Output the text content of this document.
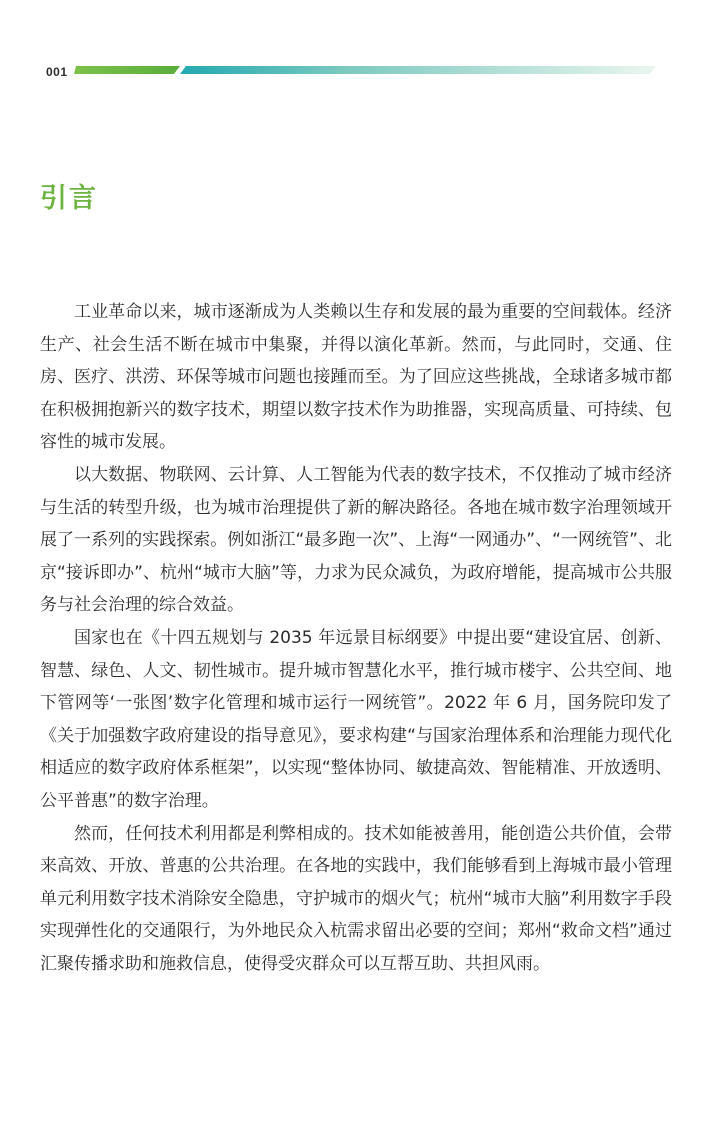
001
引言

工业革命以来，城市逐渐成为人类赖以生存和发展的最为重要的空间载体。经济生产、社会生活不断在城市中集聚，并得以演化革新。然而，与此同时，交通、住房、医疗、洪涝、环保等城市问题也接踵而至。为了回应这些挑战，全球诸多城市都在积极拥抱新兴的数字技术，期望以数字技术作为助推器，实现高质量、可持续、包容性的城市发展。

以大数据、物联网、云计算、人工智能为代表的数字技术，不仅推动了城市经济与生活的转型升级，也为城市治理提供了新的解决路径。各地在城市数字治理领域开展了一系列的实践探索。例如浙江“最多跑一次”、上海“一网通办”、“一网统管”、北京“接诉即办”、杭州“城市大脑”等，力求为民众减负，为政府增能，提高城市公共服务与社会治理的综合效益。

国家也在《十四五规划与 2035 年远景目标纲要》中提出要“建设宜居、创新、智慧、绿色、人文、韧性城市。提升城市智慧化水平，推行城市楼宇、公共空间、地下管网等‘一张图’数字化管理和城市运行一网统管”。2022 年 6 月，国务院印发了《关于加强数字政府建设的指导意见》，要求构建“与国家治理体系和治理能力现代化相适应的数字政府体系框架”，以实现“整体协同、敏捷高效、智能精准、开放透明、公平普惠”的数字治理。

然而，任何技术利用都是利弊相成的。技术如能被善用，能创造公共价值，会带来高效、开放、普惠的公共治理。在各地的实践中，我们能够看到上海城市最小管理单元利用数字技术消除安全隐患，守护城市的烟火气；杭州“城市大脑”利用数字手段实现弹性化的交通限行，为外地民众入杭需求留出必要的空间；郑州“救命文档”通过汇聚传播求助和施救信息，使得受灾群众可以互帮互助、共担风雨。
